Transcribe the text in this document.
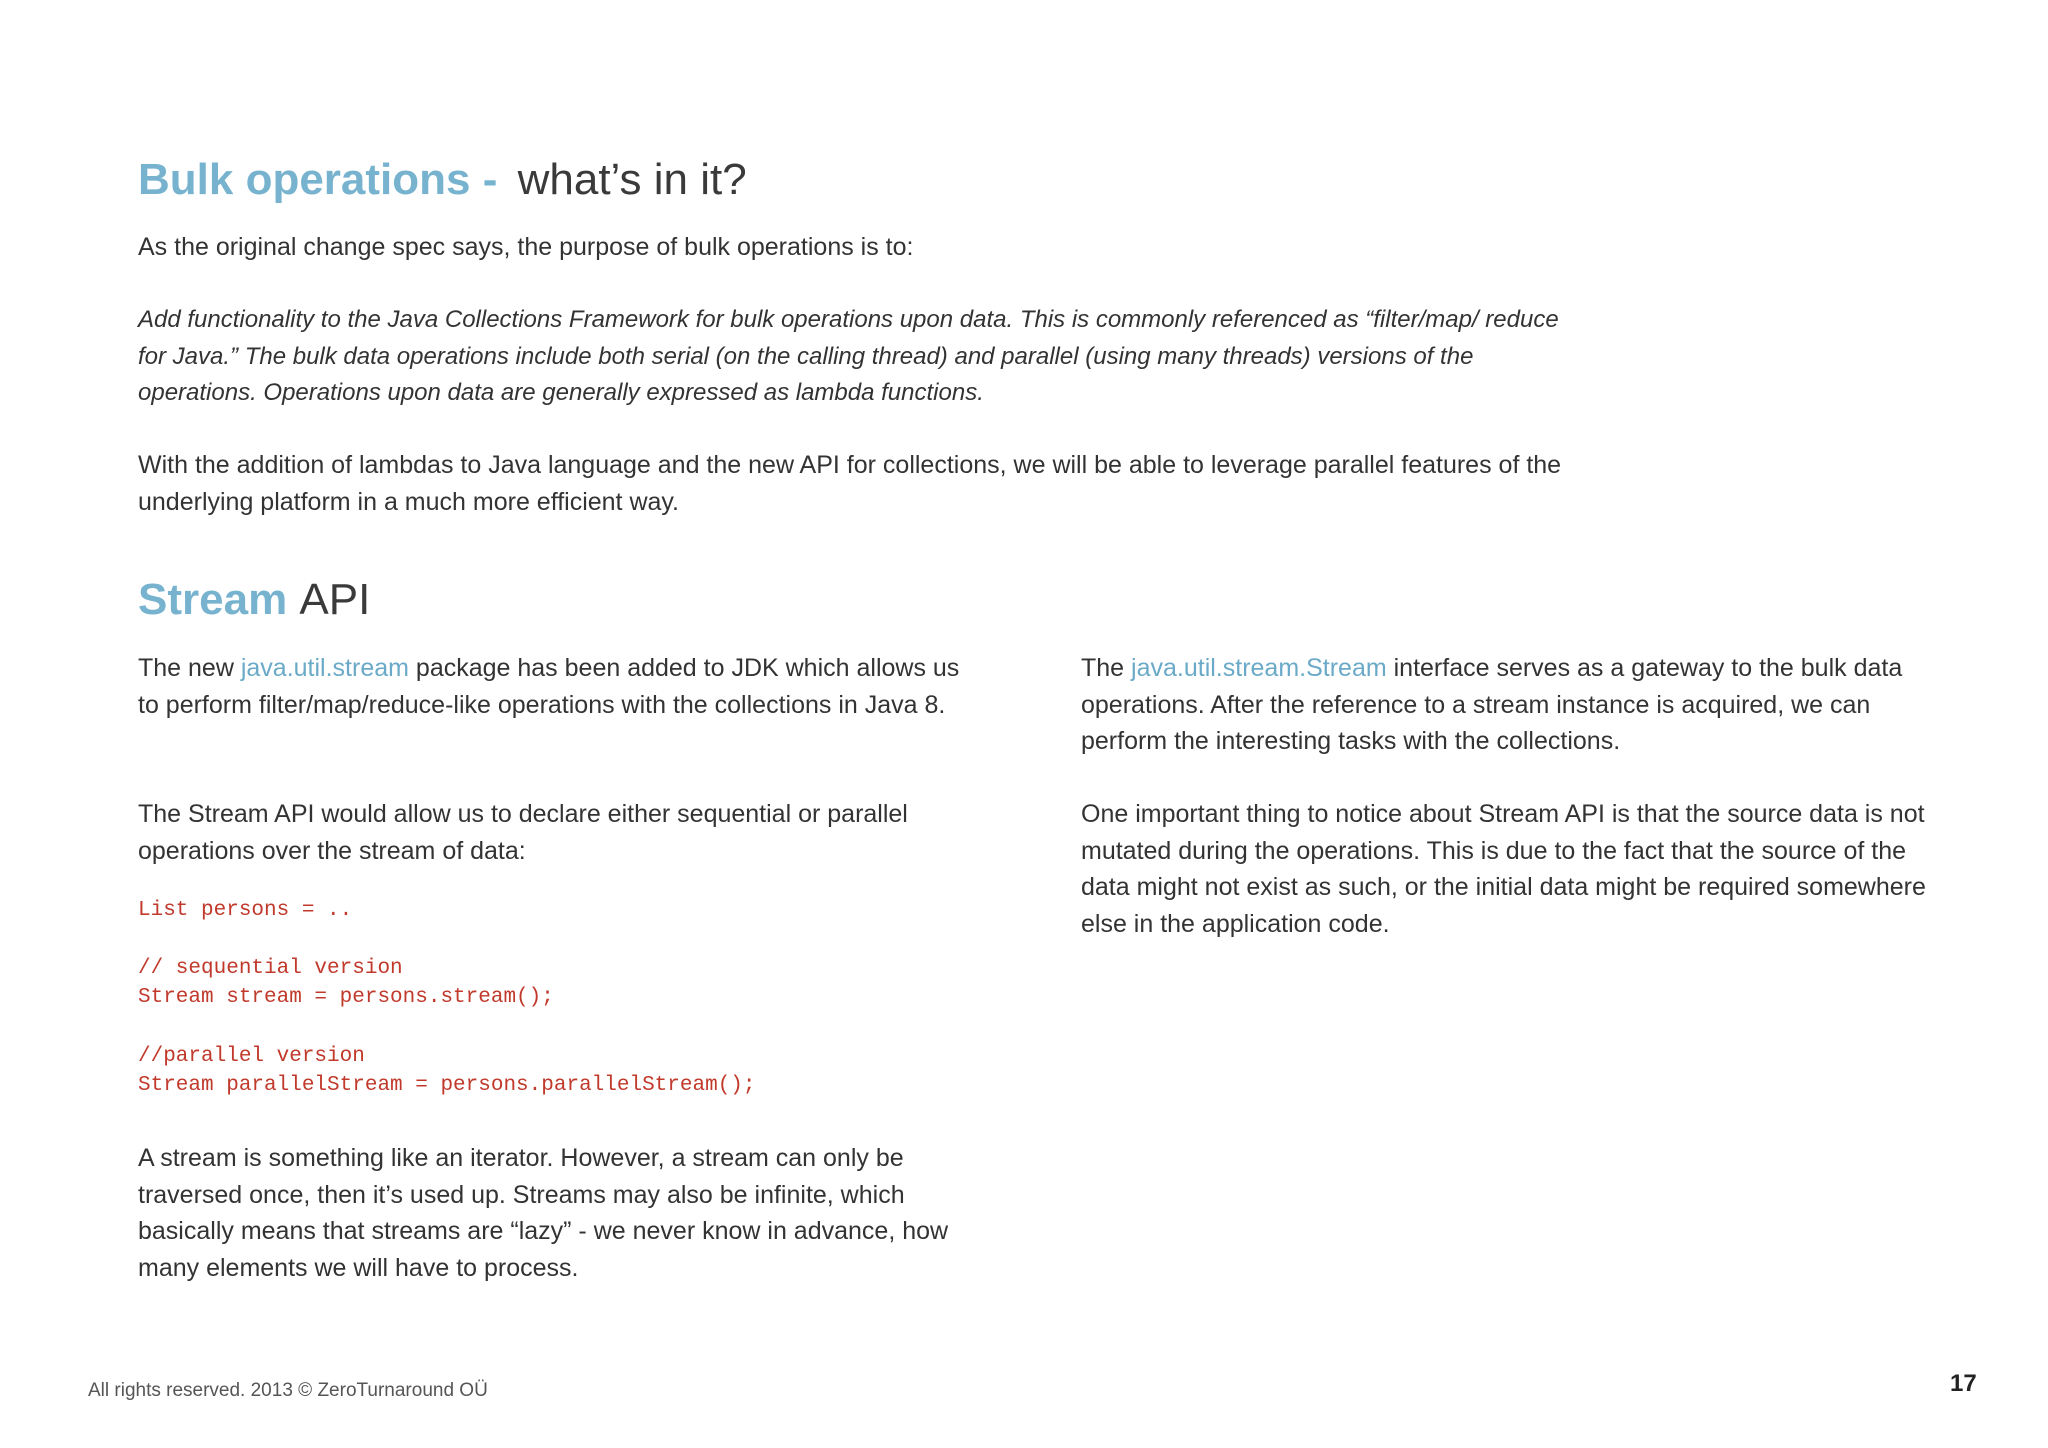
Bulk operations - what’s in it?

As the original change spec says, the purpose of bulk operations is to:

Add functionality to the Java Collections Framework for bulk operations upon data. This is commonly referenced as “filter/map/ reduce for Java.” The bulk data operations include both serial (on the calling thread) and parallel (using many threads) versions of the operations. Operations upon data are generally expressed as lambda functions.

With the addition of lambdas to Java language and the new API for collections, we will be able to leverage parallel features of the underlying platform in a much more efficient way.

Stream API

The new java.util.stream package has been added to JDK which allows us to perform filter/map/reduce-like operations with the collections in Java 8.

The Stream API would allow us to declare either sequential or parallel operations over the stream of data:

List persons = ..
// sequential version
Stream stream = persons.stream();
//parallel version
Stream parallelStream = persons.parallelStream();

A stream is something like an iterator. However, a stream can only be traversed once, then it’s used up. Streams may also be infinite, which basically means that streams are “lazy” - we never know in advance, how many elements we will have to process.

The java.util.stream.Stream interface serves as a gateway to the bulk data operations. After the reference to a stream instance is acquired, we can perform the interesting tasks with the collections.

One important thing to notice about Stream API is that the source data is not mutated during the operations. This is due to the fact that the source of the data might not exist as such, or the initial data might be required somewhere else in the application code.

All rights reserved. 2013 © ZeroTurnaround OÜ	17
